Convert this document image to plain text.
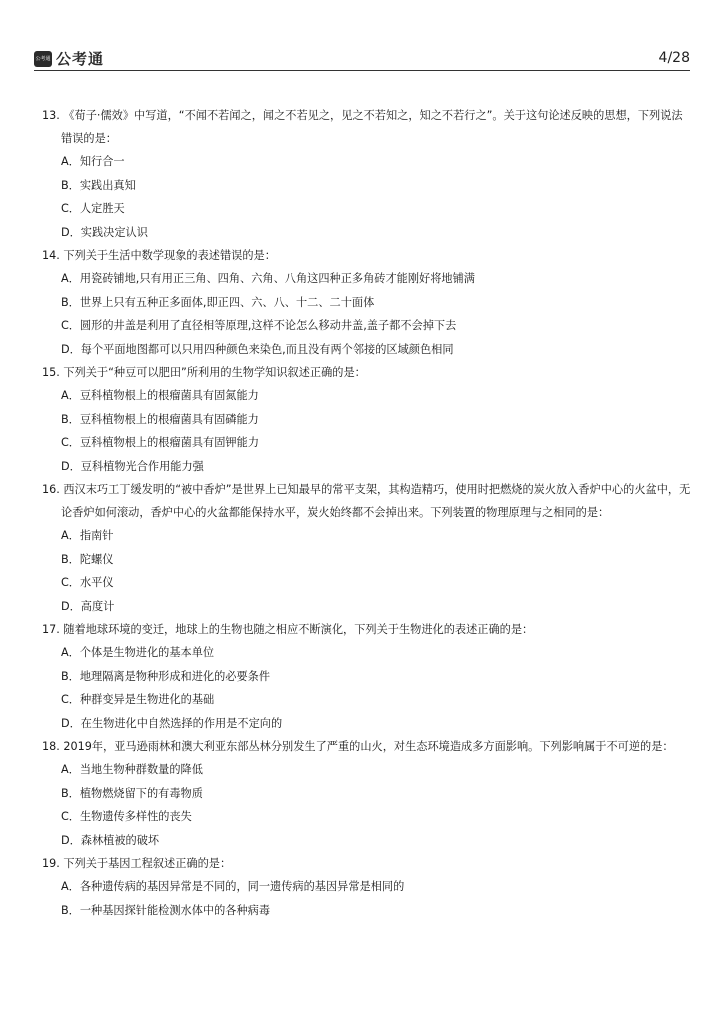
公考通 公考通	4/28

13. 《荀子·儒效》中写道，“不闻不若闻之，闻之不若见之，见之不若知之，知之不若行之”。关于这句论述反映的思想，下列说法错误的是：

A．知行合一

B．实践出真知

C．人定胜天

D．实践决定认识

14. 下列关于生活中数学现象的表述错误的是：

A．用瓷砖铺地,只有用正三角、四角、六角、八角这四种正多角砖才能刚好将地铺满

B．世界上只有五种正多面体,即正四、六、八、十二、二十面体

C．圆形的井盖是利用了直径相等原理,这样不论怎么移动井盖,盖子都不会掉下去

D．每个平面地图都可以只用四种颜色来染色,而且没有两个邻接的区域颜色相同

15. 下列关于“种豆可以肥田”所利用的生物学知识叙述正确的是：

A．豆科植物根上的根瘤菌具有固氮能力

B．豆科植物根上的根瘤菌具有固磷能力

C．豆科植物根上的根瘤菌具有固钾能力

D．豆科植物光合作用能力强

16. 西汉末巧工丁缓发明的“被中香炉”是世界上已知最早的常平支架，其构造精巧，使用时把燃烧的炭火放入香炉中心的火盆中，无论香炉如何滚动，香炉中心的火盆都能保持水平，炭火始终都不会掉出来。下列装置的物理原理与之相同的是：

A．指南针

B．陀螺仪

C．水平仪

D．高度计

17. 随着地球环境的变迁，地球上的生物也随之相应不断演化，下列关于生物进化的表述正确的是：

A．个体是生物进化的基本单位

B．地理隔离是物种形成和进化的必要条件

C．种群变异是生物进化的基础

D．在生物进化中自然选择的作用是不定向的

18. 2019年，亚马逊雨林和澳大利亚东部丛林分别发生了严重的山火，对生态环境造成多方面影响。下列影响属于不可逆的是：

A．当地生物种群数量的降低

B．植物燃烧留下的有毒物质

C．生物遗传多样性的丧失

D．森林植被的破坏

19. 下列关于基因工程叙述正确的是：

A．各种遗传病的基因异常是不同的，同一遗传病的基因异常是相同的

B．一种基因探针能检测水体中的各种病毒
